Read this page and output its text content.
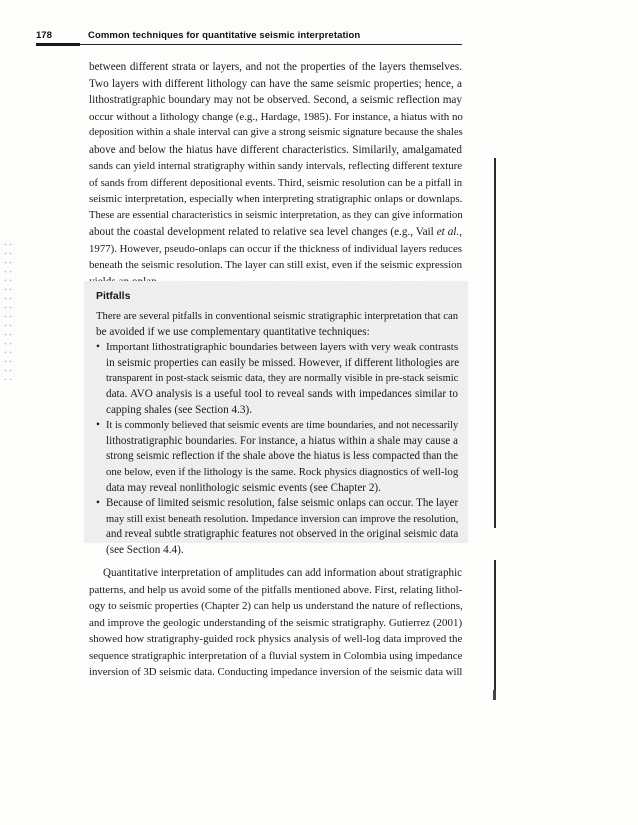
178	Common techniques for quantitative seismic interpretation
between different strata or layers, and not the properties of the layers themselves.
Two layers with different lithology can have the same seismic properties; hence, a
lithostratigraphic boundary may not be observed. Second, a seismic reflection may
occur without a lithology change (e.g., Hardage, 1985). For instance, a hiatus with no
deposition within a shale interval can give a strong seismic signature because the shales
above and below the hiatus have different characteristics. Similarily, amalgamated
sands can yield internal stratigraphy within sandy intervals, reflecting different texture
of sands from different depositional events. Third, seismic resolution can be a pitfall in
seismic interpretation, especially when interpreting stratigraphic onlaps or downlaps.
These are essential characteristics in seismic interpretation, as they can give information
about the coastal development related to relative sea level changes (e.g., Vail et al.,
1977). However, pseudo-onlaps can occur if the thickness of individual layers reduces
beneath the seismic resolution. The layer can still exist, even if the seismic expression
Pitfalls
There are several pitfalls in conventional seismic stratigraphic interpretation that can
be avoided if we use complementary quantitative techniques:
• Important lithostratigraphic boundaries between layers with very weak contrasts
in seismic properties can easily be missed. However, if different lithologies are
transparent in post-stack seismic data, they are normally visible in pre-stack seismic
data. AVO analysis is a useful tool to reveal sands with impedances similar to
capping shales (see Section 4.3).
• It is commonly believed that seismic events are time boundaries, and not necessarily
lithostratigraphic boundaries. For instance, a hiatus within a shale may cause a
strong seismic reflection if the shale above the hiatus is less compacted than the
one below, even if the lithology is the same. Rock physics diagnostics of well-log
data may reveal nonlithologic seismic events (see Chapter 2).
• Because of limited seismic resolution, false seismic onlaps can occur. The layer
may still exist beneath resolution. Impedance inversion can improve the resolution,
and reveal subtle stratigraphic features not observed in the original seismic data
(see Section 4.4).
Quantitative interpretation of amplitudes can add information about stratigraphic
patterns, and help us avoid some of the pitfalls mentioned above. First, relating lithol-
ogy to seismic properties (Chapter 2) can help us understand the nature of reflections,
and improve the geologic understanding of the seismic stratigraphy. Gutierrez (2001)
showed how stratigraphy-guided rock physics analysis of well-log data improved the
sequence stratigraphic interpretation of a fluvial system in Colombia using impedance
inversion of 3D seismic data. Conducting impedance inversion of the seismic data will
